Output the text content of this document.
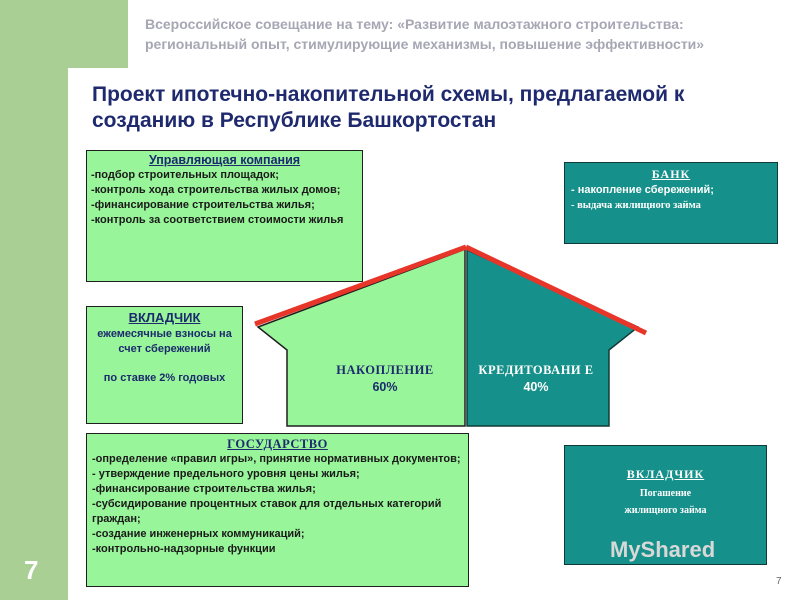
Всероссийское совещание на тему: «Развитие малоэтажного строительства: региональный опыт, стимулирующие механизмы, повышение эффективности»
Проект ипотечно-накопительной схемы, предлагаемой к созданию в Республике Башкортостан
Управляющая компания

-подбор строительных площадок;

-контроль хода строительства жилых домов;

-финансирование строительства жилья;

-контроль за соответствием стоимости жилья

ВКЛАДЧИК
ежемесячные взносы на счет сбережений
по ставке 2% годовых
НАКОПЛЕНИЕ
60%
КРЕДИТОВАНИ Е 40%
БАНК
- накопление сбережений;
- выдача жилищного займа
ГОСУДАРСТВО

-определение «правил игры», принятие нормативных документов;

- утверждение предельного уровня цены жилья;

-финансирование строительства жилья;

-субсидирование процентных ставок для отдельных категорий граждан;

-создание инженерных коммуникаций;

-контрольно-надзорные функции

ВКЛАДЧИК
Погашение жилищного займа
MyShared
7	7
